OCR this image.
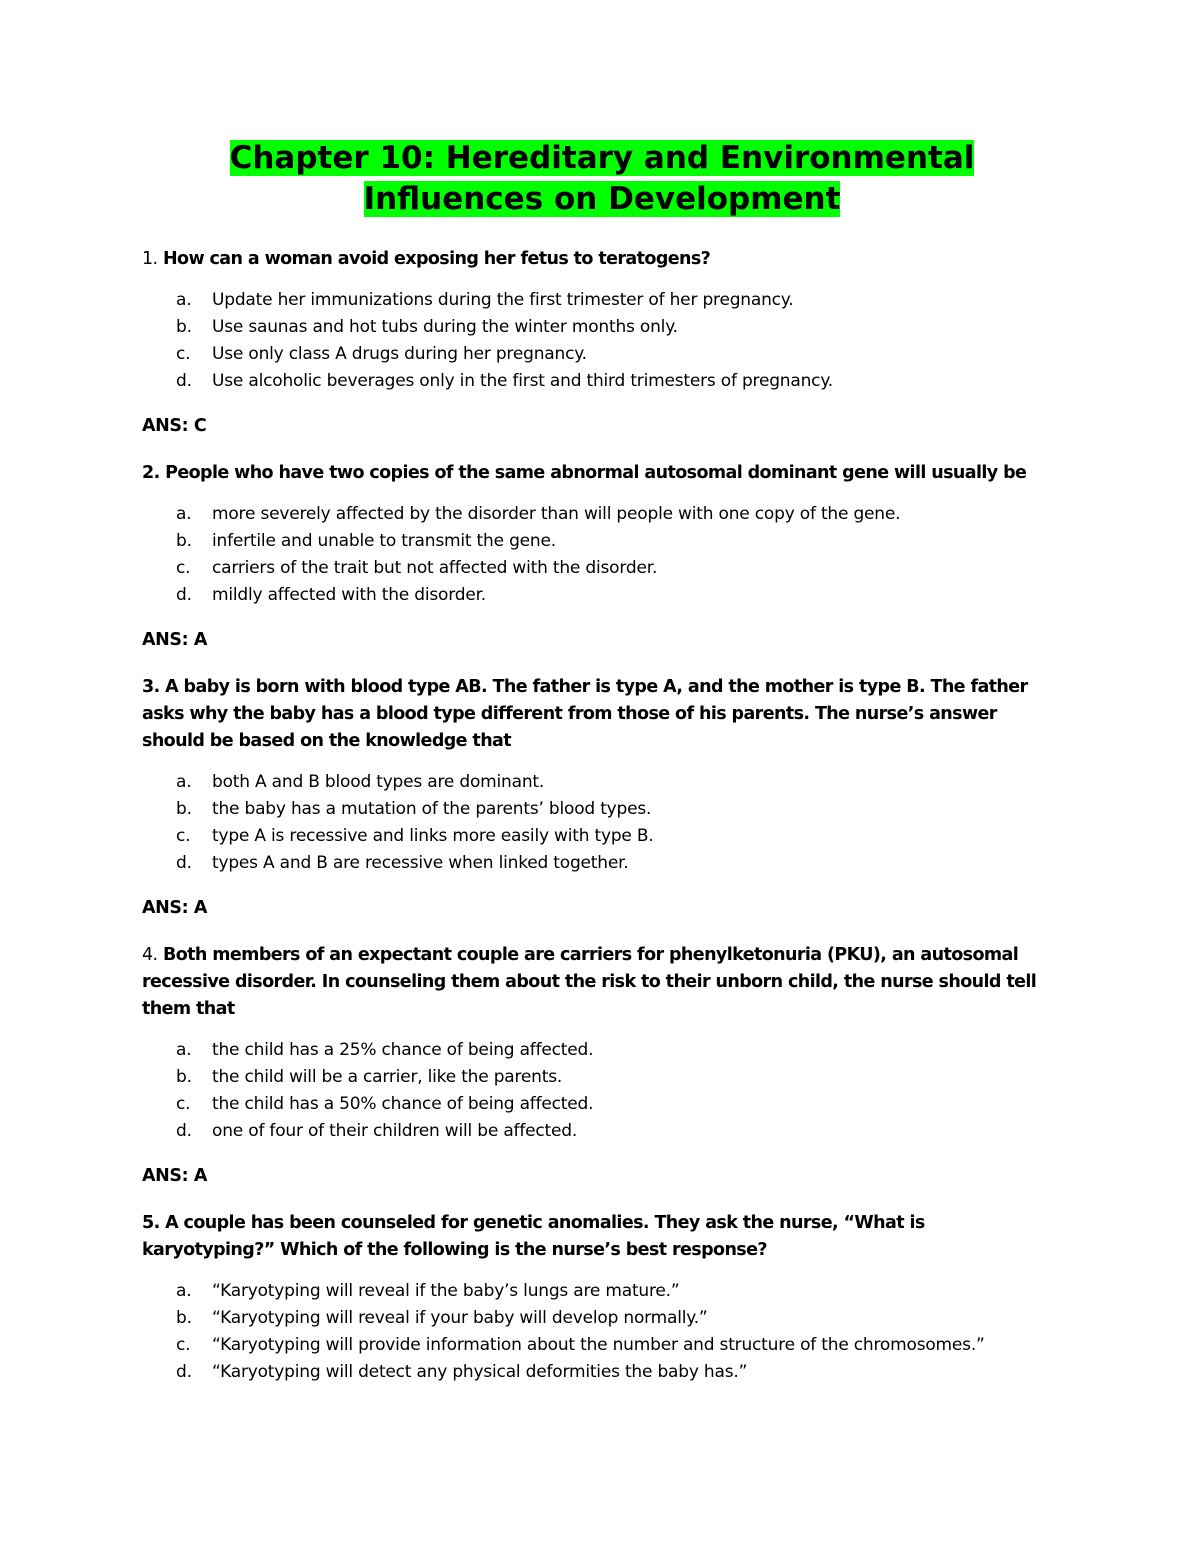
Chapter 10: Hereditary and Environmental
Influences on Development

1. How can a woman avoid exposing her fetus to teratogens?

a. Update her immunizations during the first trimester of her pregnancy.
b. Use saunas and hot tubs during the winter months only.
c. Use only class A drugs during her pregnancy.
d. Use alcoholic beverages only in the first and third trimesters of pregnancy.

ANS: C

2. People who have two copies of the same abnormal autosomal dominant gene will usually be

a. more severely affected by the disorder than will people with one copy of the gene.
b. infertile and unable to transmit the gene.
c. carriers of the trait but not affected with the disorder.
d. mildly affected with the disorder.

ANS: A

3. A baby is born with blood type AB. The father is type A, and the mother is type B. The father asks why the baby has a blood type different from those of his parents. The nurse’s answer should be based on the knowledge that

a. both A and B blood types are dominant.
b. the baby has a mutation of the parents’ blood types.
c. type A is recessive and links more easily with type B.
d. types A and B are recessive when linked together.

ANS: A

4. Both members of an expectant couple are carriers for phenylketonuria (PKU), an autosomal recessive disorder. In counseling them about the risk to their unborn child, the nurse should tell them that

a. the child has a 25% chance of being affected.
b. the child will be a carrier, like the parents.
c. the child has a 50% chance of being affected.
d. one of four of their children will be affected.

ANS: A

5. A couple has been counseled for genetic anomalies. They ask the nurse, “What is karyotyping?” Which of the following is the nurse’s best response?

a. “Karyotyping will reveal if the baby’s lungs are mature.”
b. “Karyotyping will reveal if your baby will develop normally.”
c. “Karyotyping will provide information about the number and structure of the chromosomes.”
d. “Karyotyping will detect any physical deformities the baby has.”
